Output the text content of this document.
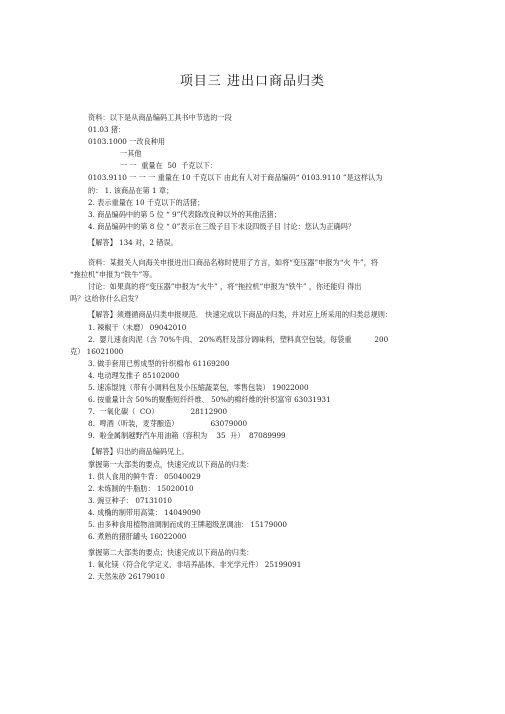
项目三 进出口商品归类
资料：以下是从商品编码工具书中节选的一段
01.03 猪：
0103.1000 一改良种用
一其他
一 一  重量在  50  千克以下：
0103.9110 一 一 一 重量在 10 千克以下 由此有人对于商品编码“ 0103.9110 ”是这样认为
的： 1. 该商品在第 1 章；
2. 表示重量在 10 千克以下的活猪；
3. 商品编码中的第 5 位 “ 9”代表除改良种以外的其他活猪；
4. 商品编码中的第 8 位 “ 0”表示在三级子目下未设四级子目 讨论：您认为正确吗？
【解答】 134 对，2 错误。
资料：某报关人向海关申报进出口商品名称时使用了方言，如将“变压器”申报为“火 牛”，将
“拖拉机”申报为“铁牛”等。
讨论：如果真的将“变压器”申报为“火牛” ，将“拖拉机”申报为“铁牛” ，你还能归 得出
吗？这给你什么启发？
【解答】须遵循商品归类申报规范． 快速完成以下商品的归类，并对应上所采用的归类总规则：
1. 辣椒干（未磨） 09042010
2.  婴儿速食肉泥（含 70%牛肉、 20%鸡肝及部分调味料，塑料真空包装，每袋重          200
克） 16021000
3. 做手套用已剪成型的针织棉布 61169200
4. 电动理发推子 85102000
5. 速冻馄饨（带有小调料包及小压缩蔬菜包，零售包装） 19022000
6. 按重量计含 50%的聚酯短纤纤维、 50%的棉纤维的针织富帘 63031931
7.  一氧化碳（  CO）              28112900
8.  啤酒（听装，麦芽酿造）              63079000
9.  啦金属制越野汽车用油箱（容积为    35  升）  87089999
【解答】归出的商品编码见上。
掌握第一大部类的要点，快速完成以下商品的归类：
1. 供人食用的鲜牛背： 05040029
2. 未炼制的牛脂肪： 15020010
3. 豌豆种子： 07131010
4. 成椭的制带用高粱： 14049090
5. 由多种食用植物油调制而成的王牌超级烹调油： 15179000
6. 煮熟的猪肝罐头 16022000
掌握第二大部类的要点；快速完成以下商品的归类：
1. 氧化镁（符合化学定义、非培养晶体、非光学元件） 25199091
2. 天然朱砂 26179010
